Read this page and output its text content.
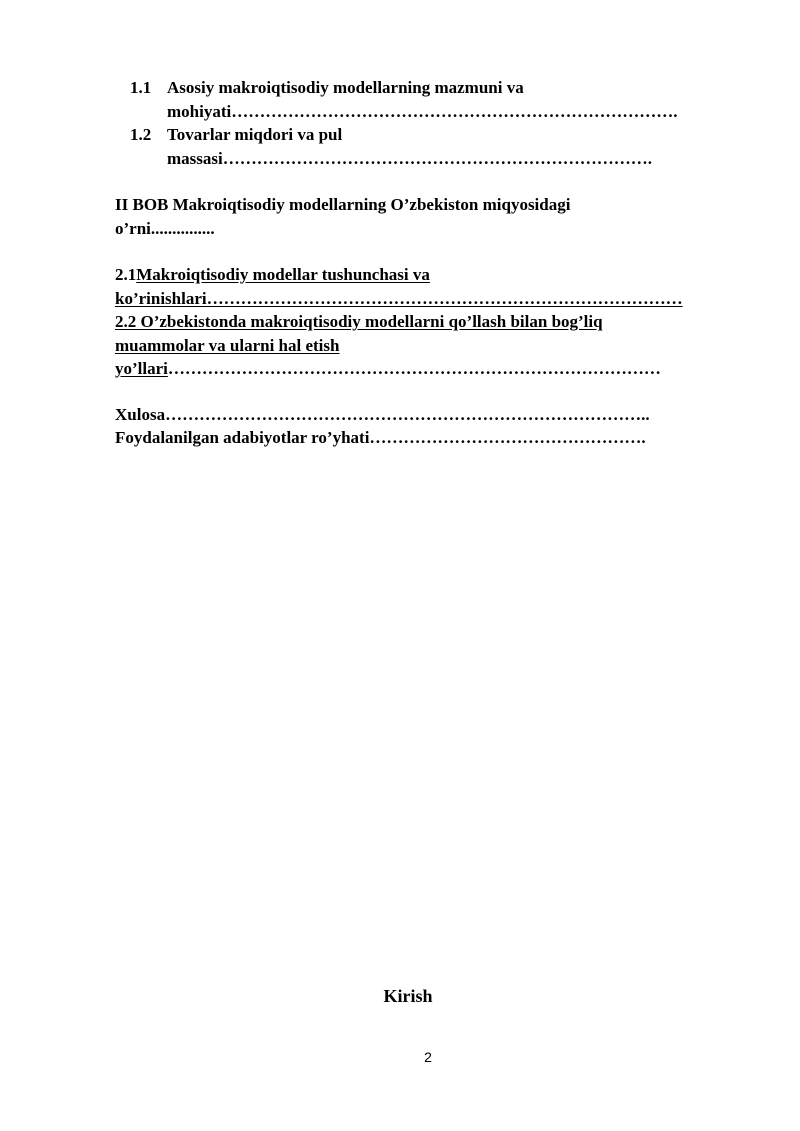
1.1 Asosiy makroiqtisodiy modellarning mazmuni va
mohiyati…………………………………………………………………….
1.2 Tovarlar miqdori va pul
massasi………………………………………………………………….
II BOB Makroiqtisodiy modellarning O’zbekiston miqyosidagi
o’rni...............
2.1Makroiqtisodiy modellar tushunchasi va
ko’rinishlari…………………………………………………………………………
2.2 O’zbekistonda makroiqtisodiy modellarni qo’llash bilan bog’liq
muammolar va ularni hal etish
yo’llari……………………………………………………………………………
Xulosa…………………………………………………………………………..
Foydalanilgan adabiyotlar ro’yhati………………………………………….
Kirish
2
